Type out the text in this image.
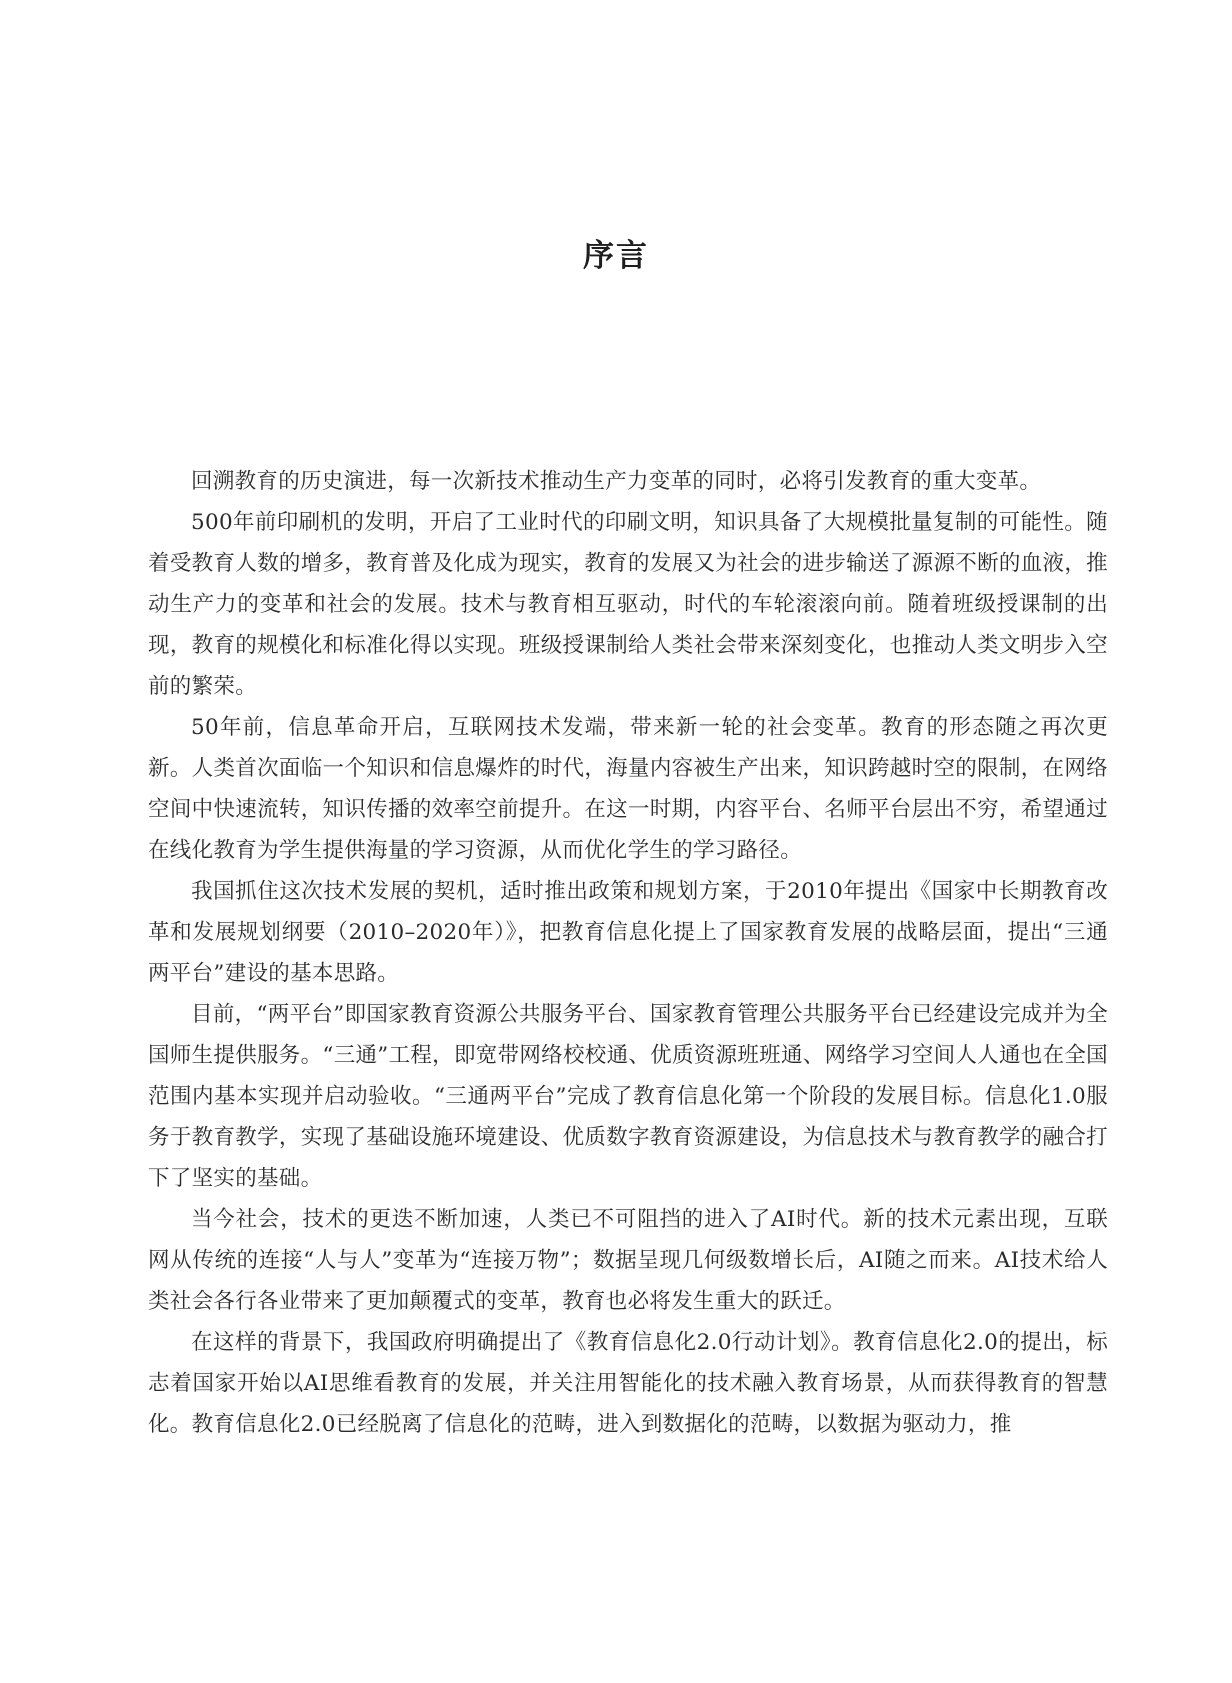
序言

回溯教育的历史演进，每一次新技术推动生产力变革的同时，必将引发教育的重大变革。

500年前印刷机的发明，开启了工业时代的印刷文明，知识具备了大规模批量复制的可能性。随着受教育人数的增多，教育普及化成为现实，教育的发展又为社会的进步输送了源源不断的血液，推动生产力的变革和社会的发展。技术与教育相互驱动，时代的车轮滚滚向前。随着班级授课制的出现，教育的规模化和标准化得以实现。班级授课制给人类社会带来深刻变化，也推动人类文明步入空前的繁荣。

50年前，信息革命开启，互联网技术发端，带来新一轮的社会变革。教育的形态随之再次更新。人类首次面临一个知识和信息爆炸的时代，海量内容被生产出来，知识跨越时空的限制，在网络空间中快速流转，知识传播的效率空前提升。在这一时期，内容平台、名师平台层出不穷，希望通过在线化教育为学生提供海量的学习资源，从而优化学生的学习路径。

我国抓住这次技术发展的契机，适时推出政策和规划方案，于2010年提出《国家中长期教育改革和发展规划纲要（2010–2020年）》，把教育信息化提上了国家教育发展的战略层面，提出“三通两平台”建设的基本思路。

目前，“两平台”即国家教育资源公共服务平台、国家教育管理公共服务平台已经建设完成并为全国师生提供服务。“三通”工程，即宽带网络校校通、优质资源班班通、网络学习空间人人通也在全国范围内基本实现并启动验收。“三通两平台”完成了教育信息化第一个阶段的发展目标。信息化1.0服务于教育教学，实现了基础设施环境建设、优质数字教育资源建设，为信息技术与教育教学的融合打下了坚实的基础。

当今社会，技术的更迭不断加速，人类已不可阻挡的进入了AI时代。新的技术元素出现，互联网从传统的连接“人与人”变革为“连接万物”；数据呈现几何级数增长后，AI随之而来。AI技术给人类社会各行各业带来了更加颠覆式的变革，教育也必将发生重大的跃迁。

在这样的背景下，我国政府明确提出了《教育信息化2.0行动计划》。教育信息化2.0的提出，标志着国家开始以AI思维看教育的发展，并关注用智能化的技术融入教育场景，从而获得教育的智慧化。教育信息化2.0已经脱离了信息化的范畴，进入到数据化的范畴，以数据为驱动力，推
